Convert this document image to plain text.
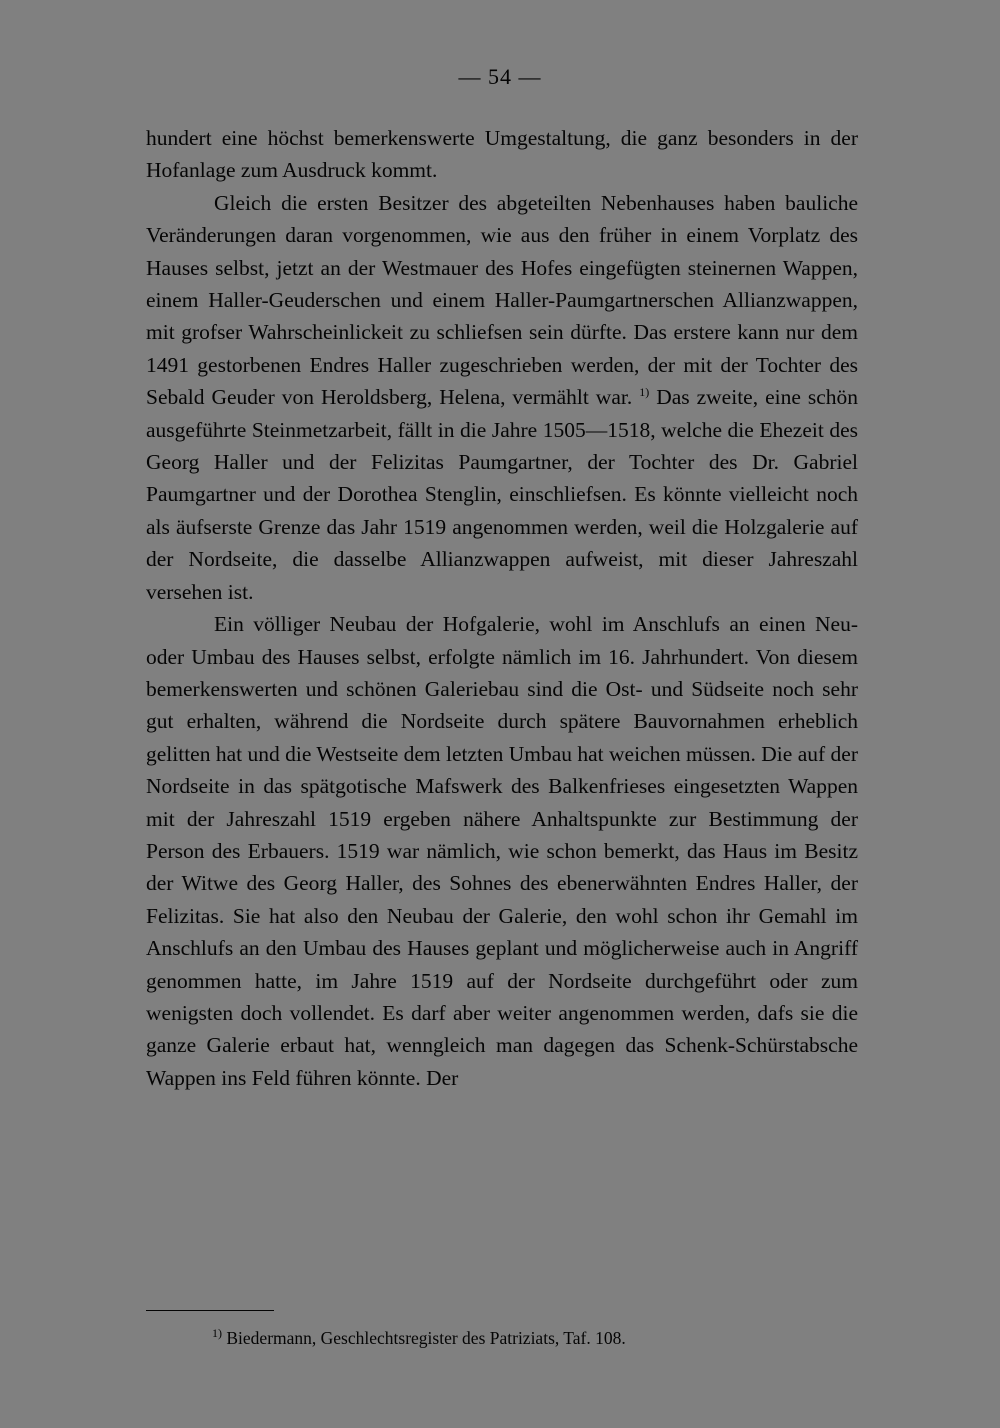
— 54 —

hundert eine höchst bemerkenswerte Umgestaltung, die ganz besonders in der Hofanlage zum Ausdruck kommt.

Gleich die ersten Besitzer des abgeteilten Nebenhauses haben bauliche Veränderungen daran vorgenommen, wie aus den früher in einem Vorplatz des Hauses selbst, jetzt an der Westmauer des Hofes eingefügten steinernen Wappen, einem Haller-Geuderschen und einem Haller-Paumgartnerschen Allianzwappen, mit grofser Wahrscheinlickeit zu schliefsen sein dürfte. Das erstere kann nur dem 1491 gestorbenen Endres Haller zugeschrieben werden, der mit der Tochter des Sebald Geuder von Heroldsberg, Helena, vermählt war. $^{1)}$ Das zweite, eine schön ausgeführte Steinmetzarbeit, fällt in die Jahre 1505—1518, welche die Ehezeit des Georg Haller und der Felizitas Paumgartner, der Tochter des Dr. Gabriel Paumgartner und der Dorothea Stenglin, einschliefsen. Es könnte vielleicht noch als äufserste Grenze das Jahr 1519 angenommen werden, weil die Holzgalerie auf der Nordseite, die dasselbe Allianzwappen aufweist, mit dieser Jahreszahl versehen ist.

Ein völliger Neubau der Hofgalerie, wohl im Anschlufs an einen Neu- oder Umbau des Hauses selbst, erfolgte nämlich im 16. Jahrhundert. Von diesem bemerkenswerten und schönen Galeriebau sind die Ost- und Südseite noch sehr gut erhalten, während die Nordseite durch spätere Bauvornahmen erheblich gelitten hat und die Westseite dem letzten Umbau hat weichen müssen. Die auf der Nordseite in das spätgotische Mafswerk des Balkenfrieses eingesetzten Wappen mit der Jahreszahl 1519 ergeben nähere Anhaltspunkte zur Bestimmung der Person des Erbauers. 1519 war nämlich, wie schon bemerkt, das Haus im Besitz der Witwe des Georg Haller, des Sohnes des ebenerwähnten Endres Haller, der Felizitas. Sie hat also den Neubau der Galerie, den wohl schon ihr Gemahl im Anschlufs an den Umbau des Hauses geplant und möglicherweise auch in Angriff genommen hatte, im Jahre 1519 auf der Nordseite durchgeführt oder zum wenigsten doch vollendet. Es darf aber weiter angenommen werden, dafs sie die ganze Galerie erbaut hat, wenngleich man dagegen das Schenk-Schürstabsche Wappen ins Feld führen könnte. Der

$^{1)}$ Biedermann, Geschlechtsregister des Patriziats, Taf. 108.
